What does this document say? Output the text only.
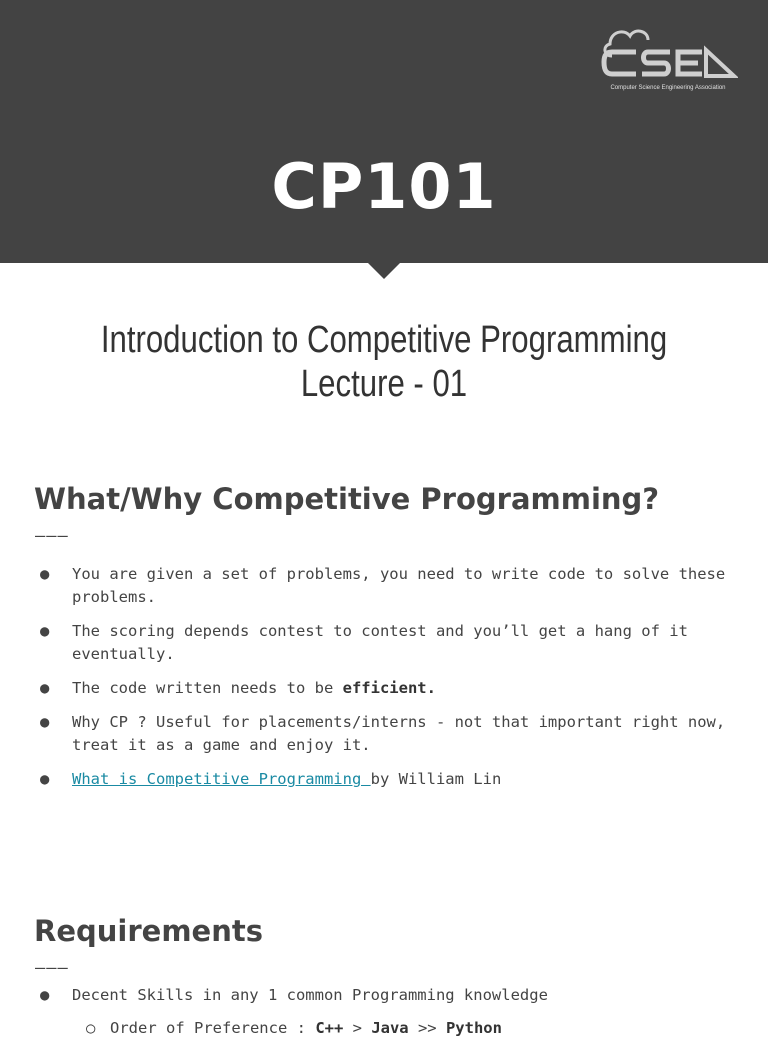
Computer Science Engineering Association
CP101
Introduction to Competitive Programming
Lecture - 01
What/Why Competitive Programming?
———
● You are given a set of problems, you need to write code to solve these problems.
● The scoring depends contest to contest and you’ll get a hang of it eventually.
● The code written needs to be efficient.
● Why CP ? Useful for placements/interns - not that important right now, treat it as a game and enjoy it.
● What is Competitive Programming by William Lin
Requirements
———
● Decent Skills in any 1 common Programming knowledge
○ Order of Preference : C++ > Java >> Python
